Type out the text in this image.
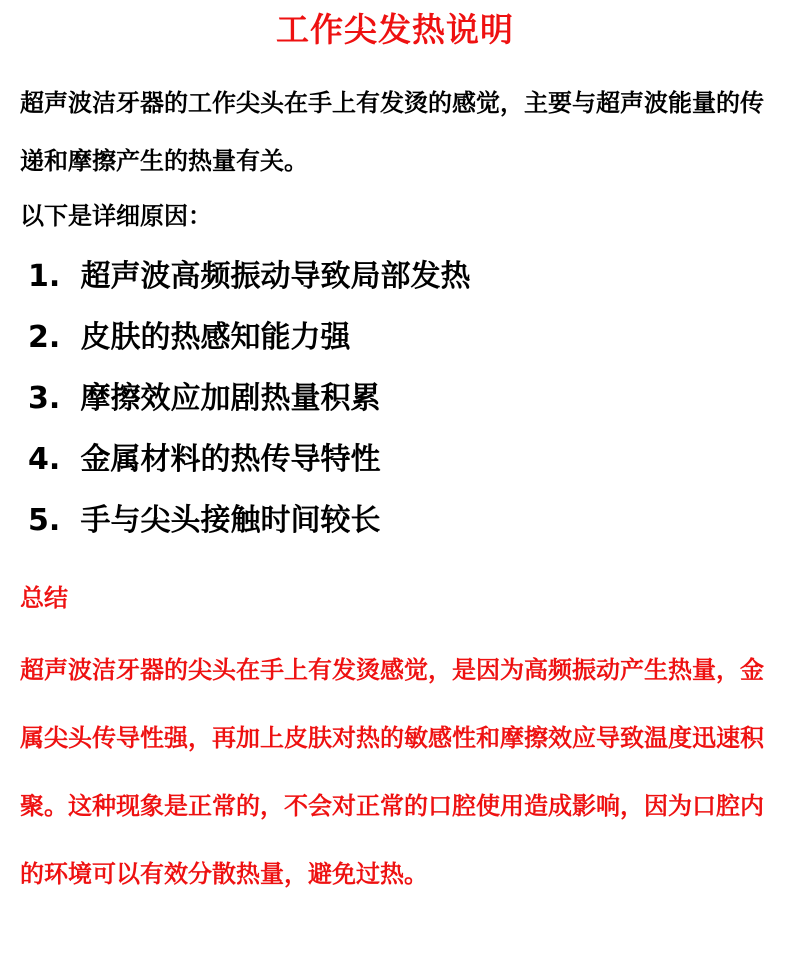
工作尖发热说明

超声波洁牙器的工作尖头在手上有发烫的感觉，主要与超声波能量的传递和摩擦产生的热量有关。

以下是详细原因：
1. 超声波高频振动导致局部发热
2. 皮肤的热感知能力强
3. 摩擦效应加剧热量积累
4. 金属材料的热传导特性
5. 手与尖头接触时间较长
总结

超声波洁牙器的尖头在手上有发烫感觉，是因为高频振动产生热量，金属尖头传导性强，再加上皮肤对热的敏感性和摩擦效应导致温度迅速积聚。这种现象是正常的，不会对正常的口腔使用造成影响，因为口腔内的环境可以有效分散热量，避免过热。
